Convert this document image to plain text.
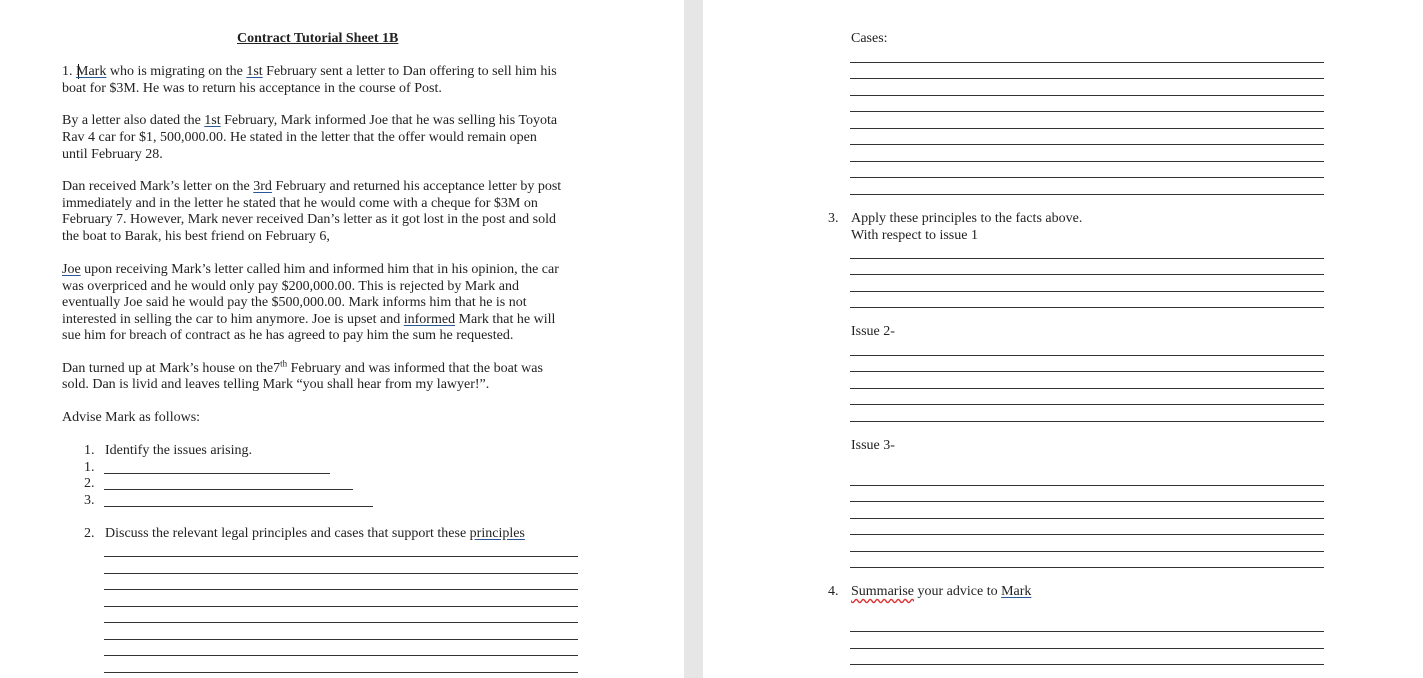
Contract Tutorial Sheet 1B
1. Mark who is migrating on the 1st February sent a letter to Dan offering to sell him his
boat for $3M. He was to return his acceptance in the course of Post.
By a letter also dated the 1st February, Mark informed Joe that he was selling his Toyota
Rav 4 car for $1, 500,000.00. He stated in the letter that the offer would remain open
until February 28.
Dan received Mark’s letter on the 3rd February and returned his acceptance letter by post
immediately and in the letter he stated that he would come with a cheque for $3M on
February 7. However, Mark never received Dan’s letter as it got lost in the post and sold
the boat to Barak, his best friend on February 6,
Joe upon receiving Mark’s letter called him and informed him that in his opinion, the car
was overpriced and he would only pay $200,000.00. This is rejected by Mark and
eventually Joe said he would pay the $500,000.00. Mark informs him that he is not
interested in selling the car to him anymore. Joe is upset and informed Mark that he will
sue him for breach of contract as he has agreed to pay him the sum he requested.
Dan turned up at Mark’s house on the7th February and was informed that the boat was
sold. Dan is livid and leaves telling Mark “you shall hear from my lawyer!”.
Advise Mark as follows:
1. Identify the issues arising.
1.
2.
3.
2. Discuss the relevant legal principles and cases that support these principles
Cases:
3. Apply these principles to the facts above.
With respect to issue 1
Issue 2-
Issue 3-
4. Summarise your advice to Mark
